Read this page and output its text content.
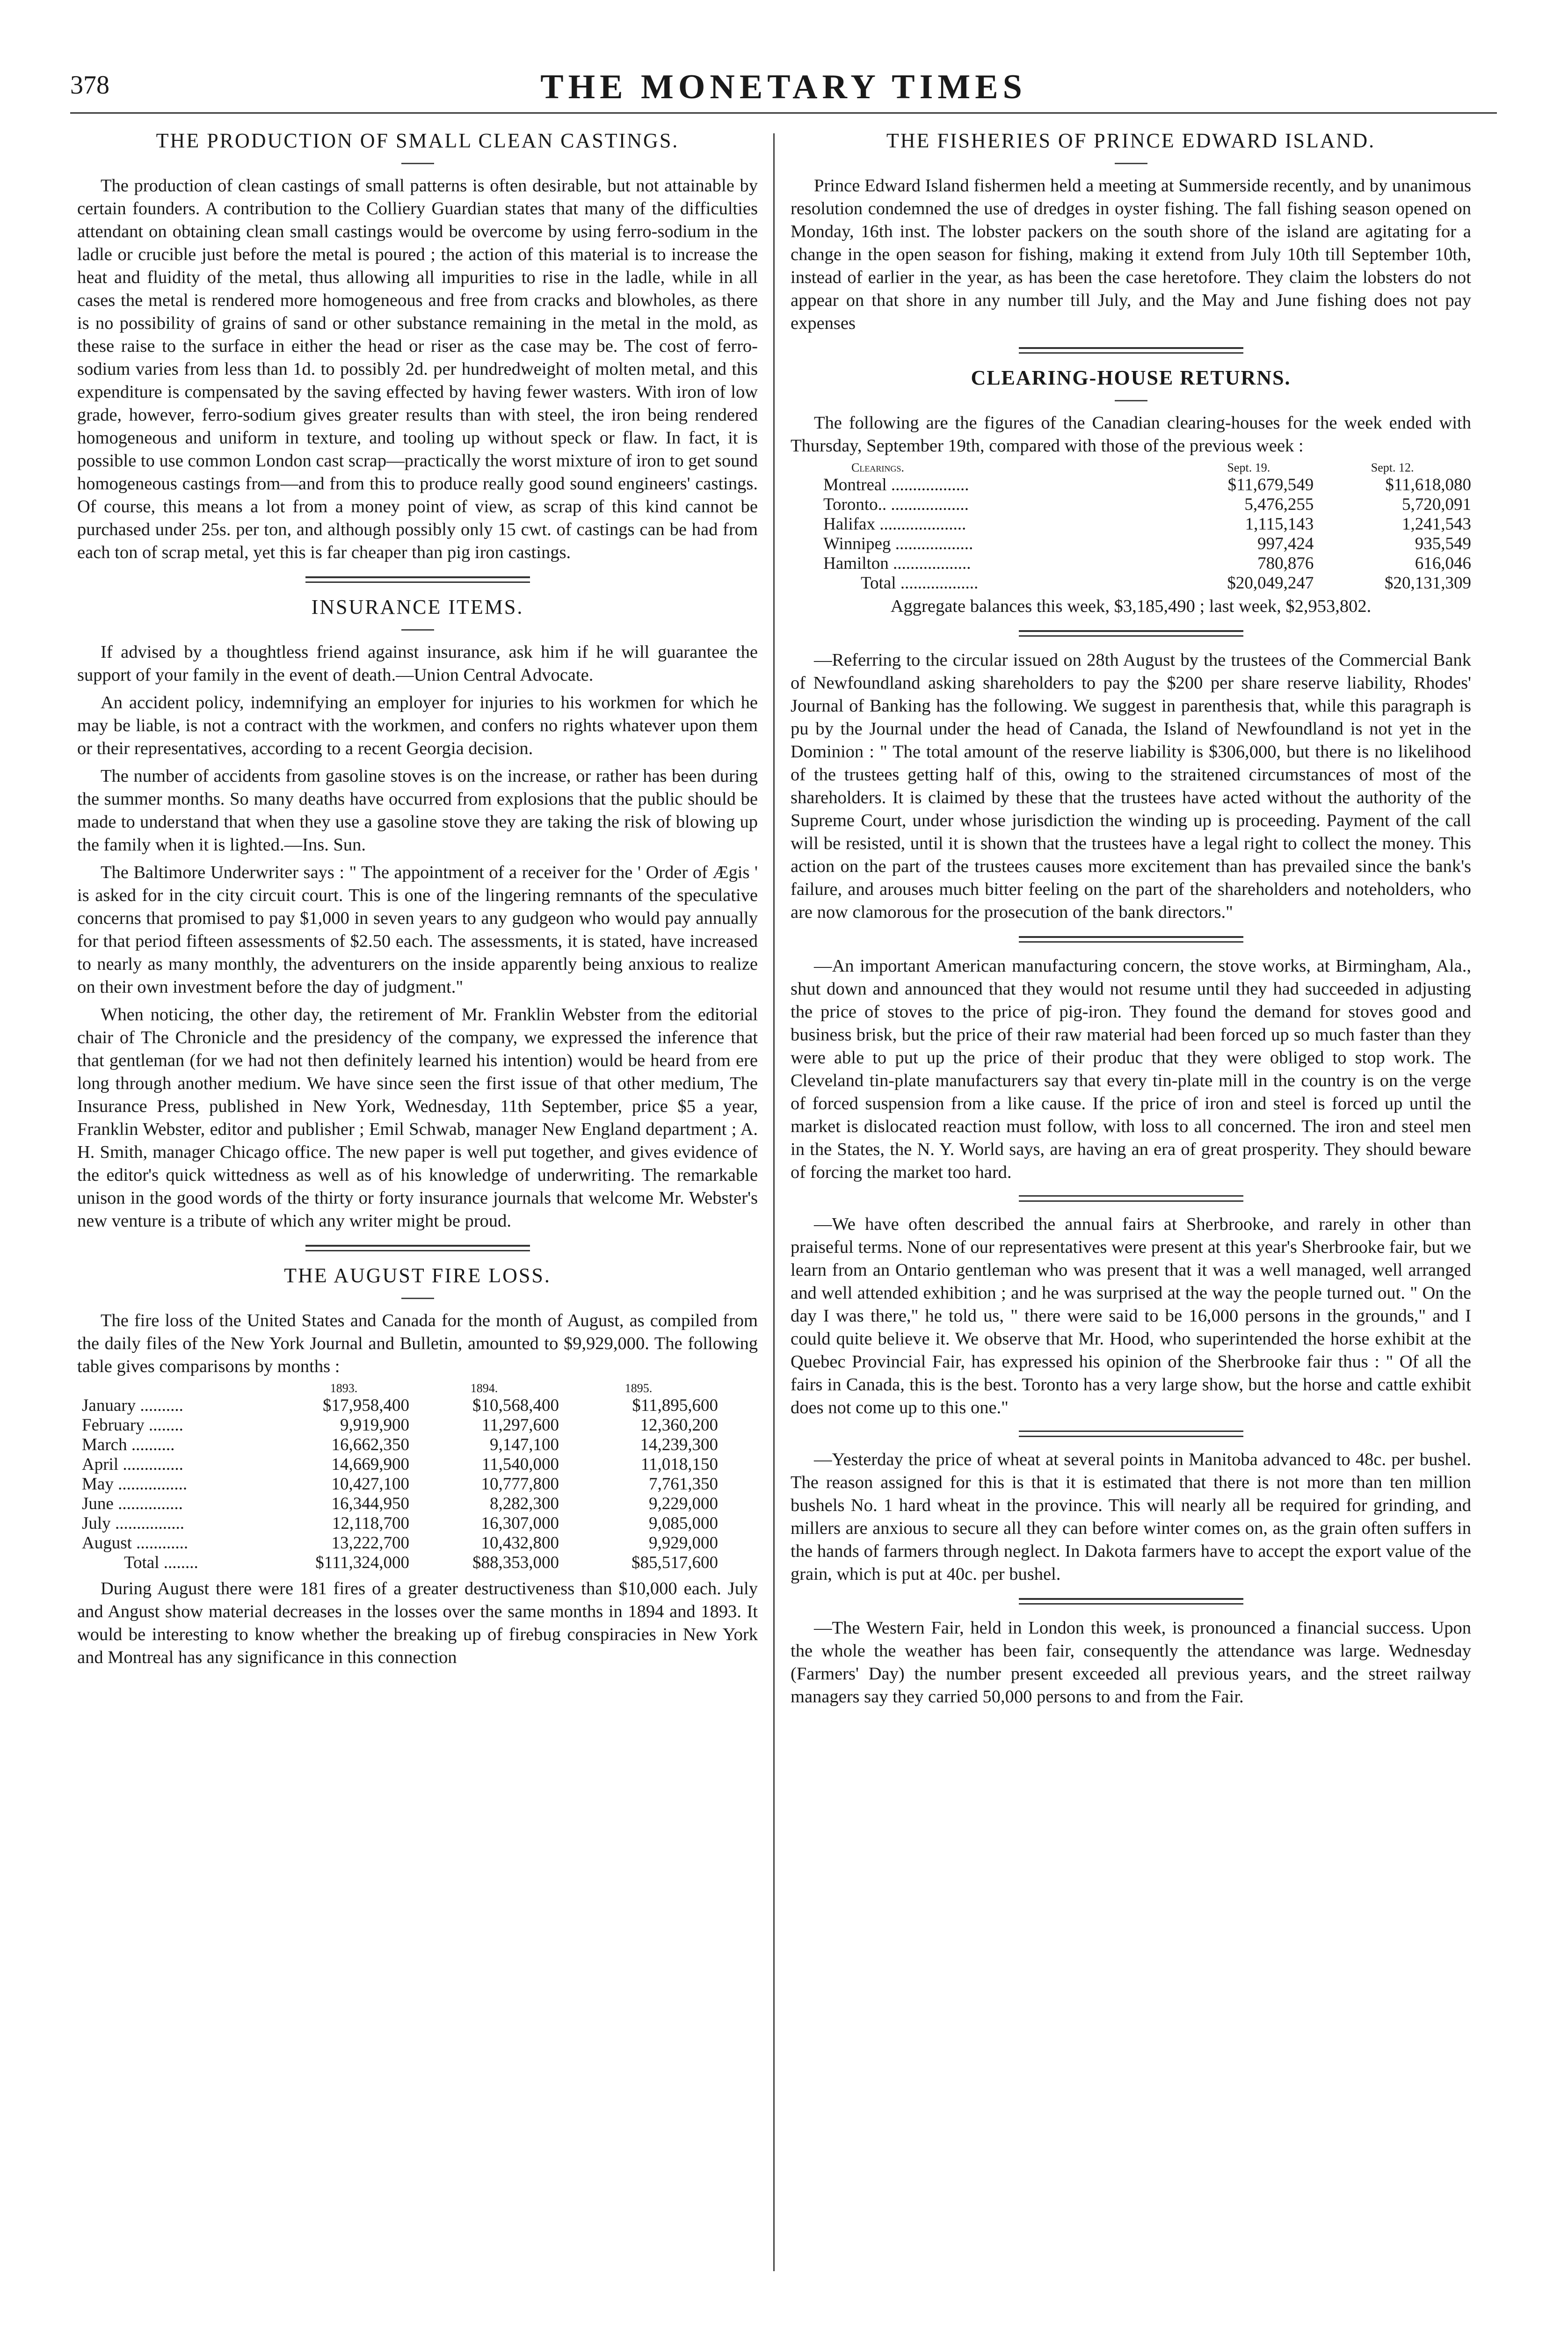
378	THE MONETARY TIMES
THE PRODUCTION OF SMALL CLEAN CASTINGS.

The production of clean castings of small patterns is often desirable, but not attainable by certain founders. A contribution to the Colliery Guardian states that many of the difficulties attendant on obtaining clean small castings would be overcome by using ferro-sodium in the ladle or crucible just before the metal is poured ; the action of this material is to increase the heat and fluidity of the metal, thus allowing all impurities to rise in the ladle, while in all cases the metal is rendered more homogeneous and free from cracks and blowholes, as there is no possibility of grains of sand or other substance remaining in the metal in the mold, as these raise to the surface in either the head or riser as the case may be. The cost of ferro-sodium varies from less than 1d. to possibly 2d. per hundredweight of molten metal, and this expenditure is compensated by the saving effected by having fewer wasters. With iron of low grade, however, ferro-sodium gives greater results than with steel, the iron being rendered homogeneous and uniform in texture, and tooling up without speck or flaw. In fact, it is possible to use common London cast scrap—practically the worst mixture of iron to get sound homogeneous castings from—and from this to produce really good sound engineers' castings. Of course, this means a lot from a money point of view, as scrap of this kind cannot be purchased under 25s. per ton, and although possibly only 15 cwt. of castings can be had from each ton of scrap metal, yet this is far cheaper than pig iron castings.

INSURANCE ITEMS.

If advised by a thoughtless friend against insurance, ask him if he will guarantee the support of your family in the event of death.—Union Central Advocate.

An accident policy, indemnifying an employer for injuries to his workmen for which he may be liable, is not a contract with the workmen, and confers no rights whatever upon them or their representatives, according to a recent Georgia decision.

The number of accidents from gasoline stoves is on the increase, or rather has been during the summer months. So many deaths have occurred from explosions that the public should be made to understand that when they use a gasoline stove they are taking the risk of blowing up the family when it is lighted.—Ins. Sun.

The Baltimore Underwriter says : " The appointment of a receiver for the ' Order of Ægis ' is asked for in the city circuit court. This is one of the lingering remnants of the speculative concerns that promised to pay $1,000 in seven years to any gudgeon who would pay annually for that period fifteen assessments of $2.50 each. The assessments, it is stated, have increased to nearly as many monthly, the adventurers on the inside apparently being anxious to realize on their own investment before the day of judgment."

When noticing, the other day, the retirement of Mr. Franklin Webster from the editorial chair of The Chronicle and the presidency of the company, we expressed the inference that that gentleman (for we had not then definitely learned his intention) would be heard from ere long through another medium. We have since seen the first issue of that other medium, The Insurance Press, published in New York, Wednesday, 11th September, price $5 a year, Franklin Webster, editor and publisher ; Emil Schwab, manager New England department ; A. H. Smith, manager Chicago office. The new paper is well put together, and gives evidence of the editor's quick wittedness as well as of his knowledge of underwriting. The remarkable unison in the good words of the thirty or forty insurance journals that welcome Mr. Webster's new venture is a tribute of which any writer might be proud.

THE AUGUST FIRE LOSS.

The fire loss of the United States and Canada for the month of August, as compiled from the daily files of the New York Journal and Bulletin, amounted to $9,929,000. The following table gives comparisons by months :

	1893.	1894.	1895.
January ..........	$17,958,400	$10,568,400	$11,895,600
February ........	9,919,900	11,297,600	12,360,200
March ..........	16,662,350	9,147,100	14,239,300
April ..............	14,669,900	11,540,000	11,018,150
May ................	10,427,100	10,777,800	7,761,350
June ...............	16,344,950	8,282,300	9,229,000
July ................	12,118,700	16,307,000	9,085,000
August ............	13,222,700	10,432,800	9,929,000
Total ........	$111,324,000	$88,353,000	$85,517,600

During August there were 181 fires of a greater destructiveness than $10,000 each. July and Angust show material decreases in the losses over the same months in 1894 and 1893. It would be interesting to know whether the breaking up of firebug conspiracies in New York and Montreal has any significance in this connection

THE FISHERIES OF PRINCE EDWARD ISLAND.

Prince Edward Island fishermen held a meeting at Summerside recently, and by unanimous resolution condemned the use of dredges in oyster fishing. The fall fishing season opened on Monday, 16th inst. The lobster packers on the south shore of the island are agitating for a change in the open season for fishing, making it extend from July 10th till September 10th, instead of earlier in the year, as has been the case heretofore. They claim the lobsters do not appear on that shore in any number till July, and the May and June fishing does not pay expenses

CLEARING-HOUSE RETURNS.

The following are the figures of the Canadian clearing-houses for the week ended with Thursday, September 19th, compared with those of the previous week :

Clearings.	Sept. 19.	Sept. 12.
Montreal ..................	$11,679,549	$11,618,080
Toronto.. ..................	5,476,255	5,720,091
Halifax ....................	1,115,143	1,241,543
Winnipeg ..................	997,424	935,549
Hamilton ..................	780,876	616,046
Total ..................	$20,049,247	$20,131,309
Aggregate balances this week, $3,185,490 ; last week, $2,953,802.

—Referring to the circular issued on 28th August by the trustees of the Commercial Bank of Newfoundland asking shareholders to pay the $200 per share reserve liability, Rhodes' Journal of Banking has the following. We suggest in parenthesis that, while this paragraph is pu by the Journal under the head of Canada, the Island of Newfoundland is not yet in the Dominion : " The total amount of the reserve liability is $306,000, but there is no likelihood of the trustees getting half of this, owing to the straitened circumstances of most of the shareholders. It is claimed by these that the trustees have acted without the authority of the Supreme Court, under whose jurisdiction the winding up is proceeding. Payment of the call will be resisted, until it is shown that the trustees have a legal right to collect the money. This action on the part of the trustees causes more excitement than has prevailed since the bank's failure, and arouses much bitter feeling on the part of the shareholders and noteholders, who are now clamorous for the prosecution of the bank directors."

—An important American manufacturing concern, the stove works, at Birmingham, Ala., shut down and announced that they would not resume until they had succeeded in adjusting the price of stoves to the price of pig-iron. They found the demand for stoves good and business brisk, but the price of their raw material had been forced up so much faster than they were able to put up the price of their produc that they were obliged to stop work. The Cleveland tin-plate manufacturers say that every tin-plate mill in the country is on the verge of forced suspension from a like cause. If the price of iron and steel is forced up until the market is dislocated reaction must follow, with loss to all concerned. The iron and steel men in the States, the N. Y. World says, are having an era of great prosperity. They should beware of forcing the market too hard.

—We have often described the annual fairs at Sherbrooke, and rarely in other than praiseful terms. None of our representatives were present at this year's Sherbrooke fair, but we learn from an Ontario gentleman who was present that it was a well managed, well arranged and well attended exhibition ; and he was surprised at the way the people turned out. " On the day I was there," he told us, " there were said to be 16,000 persons in the grounds," and I could quite believe it. We observe that Mr. Hood, who superintended the horse exhibit at the Quebec Provincial Fair, has expressed his opinion of the Sherbrooke fair thus : " Of all the fairs in Canada, this is the best. Toronto has a very large show, but the horse and cattle exhibit does not come up to this one."

—Yesterday the price of wheat at several points in Manitoba advanced to 48c. per bushel. The reason assigned for this is that it is estimated that there is not more than ten million bushels No. 1 hard wheat in the province. This will nearly all be required for grinding, and millers are anxious to secure all they can before winter comes on, as the grain often suffers in the hands of farmers through neglect. In Dakota farmers have to accept the export value of the grain, which is put at 40c. per bushel.

—The Western Fair, held in London this week, is pronounced a financial success. Upon the whole the weather has been fair, consequently the attendance was large. Wednesday (Farmers' Day) the number present exceeded all previous years, and the street railway managers say they carried 50,000 persons to and from the Fair.
